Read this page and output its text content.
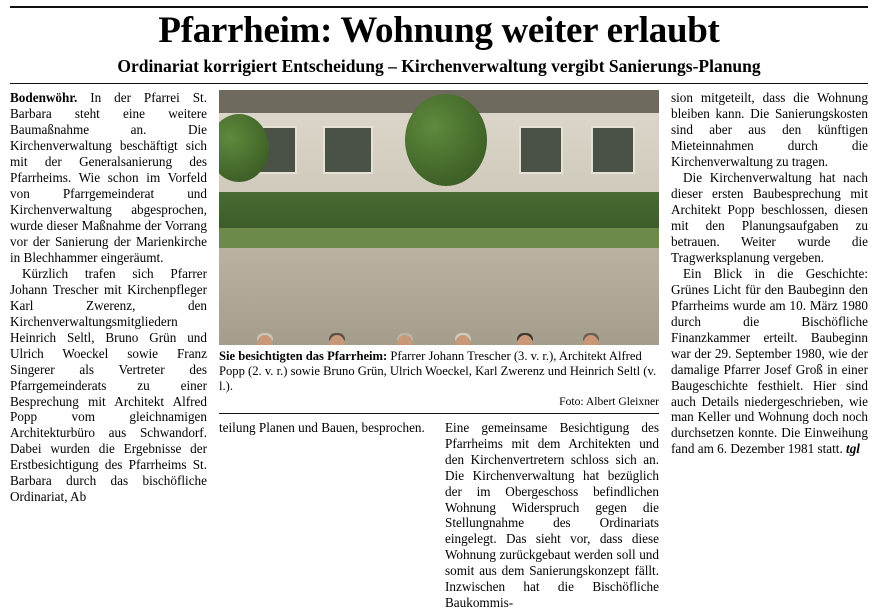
Pfarrheim: Wohnung weiter erlaubt
Ordinariat korrigiert Entscheidung – Kirchenverwaltung vergibt Sanierungs-Planung

Bodenwöhr. In der Pfarrei St. Barbara steht eine weitere Baumaßnahme an. Die Kirchenverwaltung beschäftigt sich mit der Generalsanierung des Pfarrheims. Wie schon im Vorfeld von Pfarrgemeinderat und Kirchenverwaltung abgesprochen, wurde dieser Maßnahme der Vorrang vor der Sanierung der Marienkirche in Blechhammer eingeräumt.

Kürzlich trafen sich Pfarrer Johann Trescher mit Kirchenpfleger Karl Zwerenz, den Kirchenverwaltungsmitgliedern Heinrich Seltl, Bruno Grün und Ulrich Woeckel sowie Franz Singerer als Vertreter des Pfarrgemeinderats zu einer Besprechung mit Architekt Alfred Popp vom gleichnamigen Architekturbüro aus Schwandorf. Dabei wurden die Ergebnisse der Erstbesichtigung des Pfarrheims St. Barbara durch das bischöfliche Ordinariat, Ab

Sie besichtigten das Pfarrheim: Pfarrer Johann Trescher (3. v. r.), Architekt Alfred Popp (2. v. r.) sowie Bruno Grün, Ulrich Woeckel, Karl Zwerenz und Heinrich Seltl (v. l.).
Foto: Albert Gleixner

teilung Planen und Bauen, besprochen.	Eine gemeinsame Besichtigung des Pfarrheims mit dem Architekten und den Kirchenvertretern schloss sich an. Die Kirchenverwaltung hat bezüglich der im Obergeschoss befindlichen Wohnung Widerspruch gegen die Stellungnahme des Ordinariats eingelegt. Das sieht vor, dass diese Wohnung zurückgebaut werden soll und somit aus dem Sanierungskonzept fällt. Inzwischen hat die Bischöfliche Baukommis-

sion mitgeteilt, dass die Wohnung bleiben kann. Die Sanierungskosten sind aber aus den künftigen Mieteinnahmen durch die Kirchenverwaltung zu tragen.

Die Kirchenverwaltung hat nach dieser ersten Baubesprechung mit Architekt Popp beschlossen, diesen mit den Planungsaufgaben zu betrauen. Weiter wurde die Tragwerksplanung vergeben.

Ein Blick in die Geschichte: Grünes Licht für den Baubeginn den Pfarrheims wurde am 10. März 1980 durch die Bischöfliche Finanzkammer erteilt. Baubeginn war der 29. September 1980, wie der damalige Pfarrer Josef Groß in einer Baugeschichte festhielt. Hier sind auch Details niedergeschrieben, wie man Keller und Wohnung doch noch durchsetzen konnte. Die Einweihung fand am 6. Dezember 1981 statt. tgl
